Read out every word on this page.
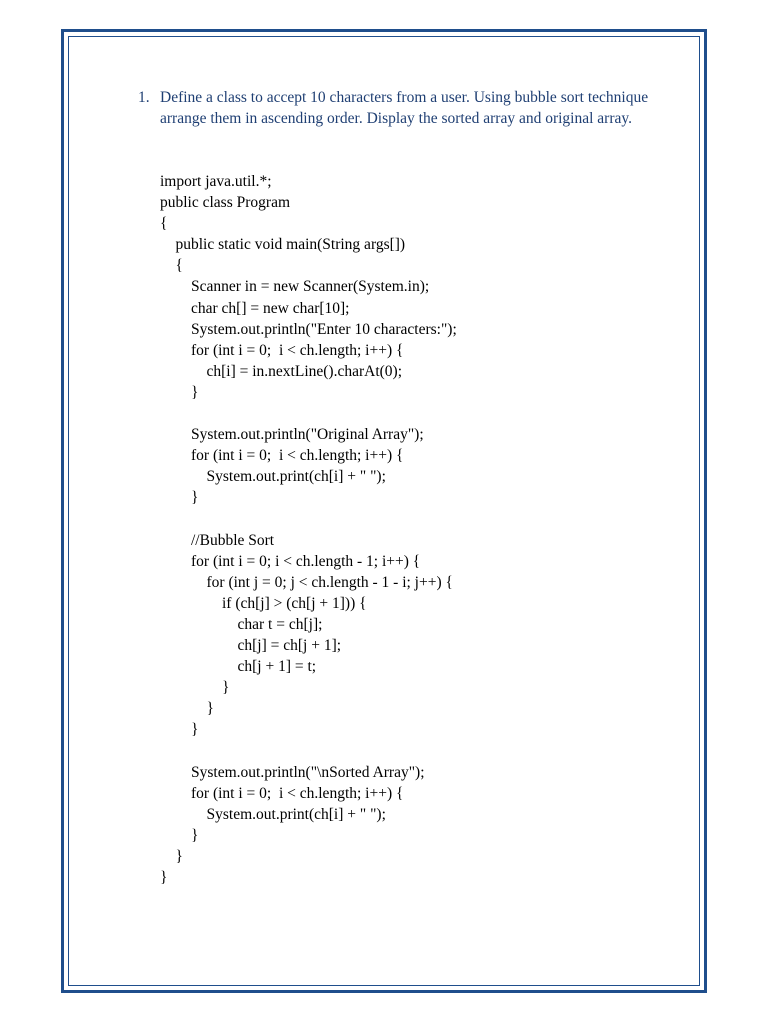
1. Define a class to accept 10 characters from a user. Using bubble sort technique arrange them in ascending order. Display the sorted array and original array.
import java.util.*;
public class Program
{
public static void main(String args[])
{
Scanner in = new Scanner(System.in);
char ch[] = new char[10];
System.out.println("Enter 10 characters:");
for (int i = 0;  i < ch.length; i++) {
ch[i] = in.nextLine().charAt(0);
}
System.out.println("Original Array");
for (int i = 0;  i < ch.length; i++) {
System.out.print(ch[i] + " ");
}
//Bubble Sort
for (int i = 0; i < ch.length - 1; i++) {
for (int j = 0; j < ch.length - 1 - i; j++) {
if (ch[j] > (ch[j + 1])) {
char t = ch[j];
ch[j] = ch[j + 1];
ch[j + 1] = t;
}
}
}
System.out.println("\nSorted Array");
for (int i = 0;  i < ch.length; i++) {
System.out.print(ch[i] + " ");
}
}
}
